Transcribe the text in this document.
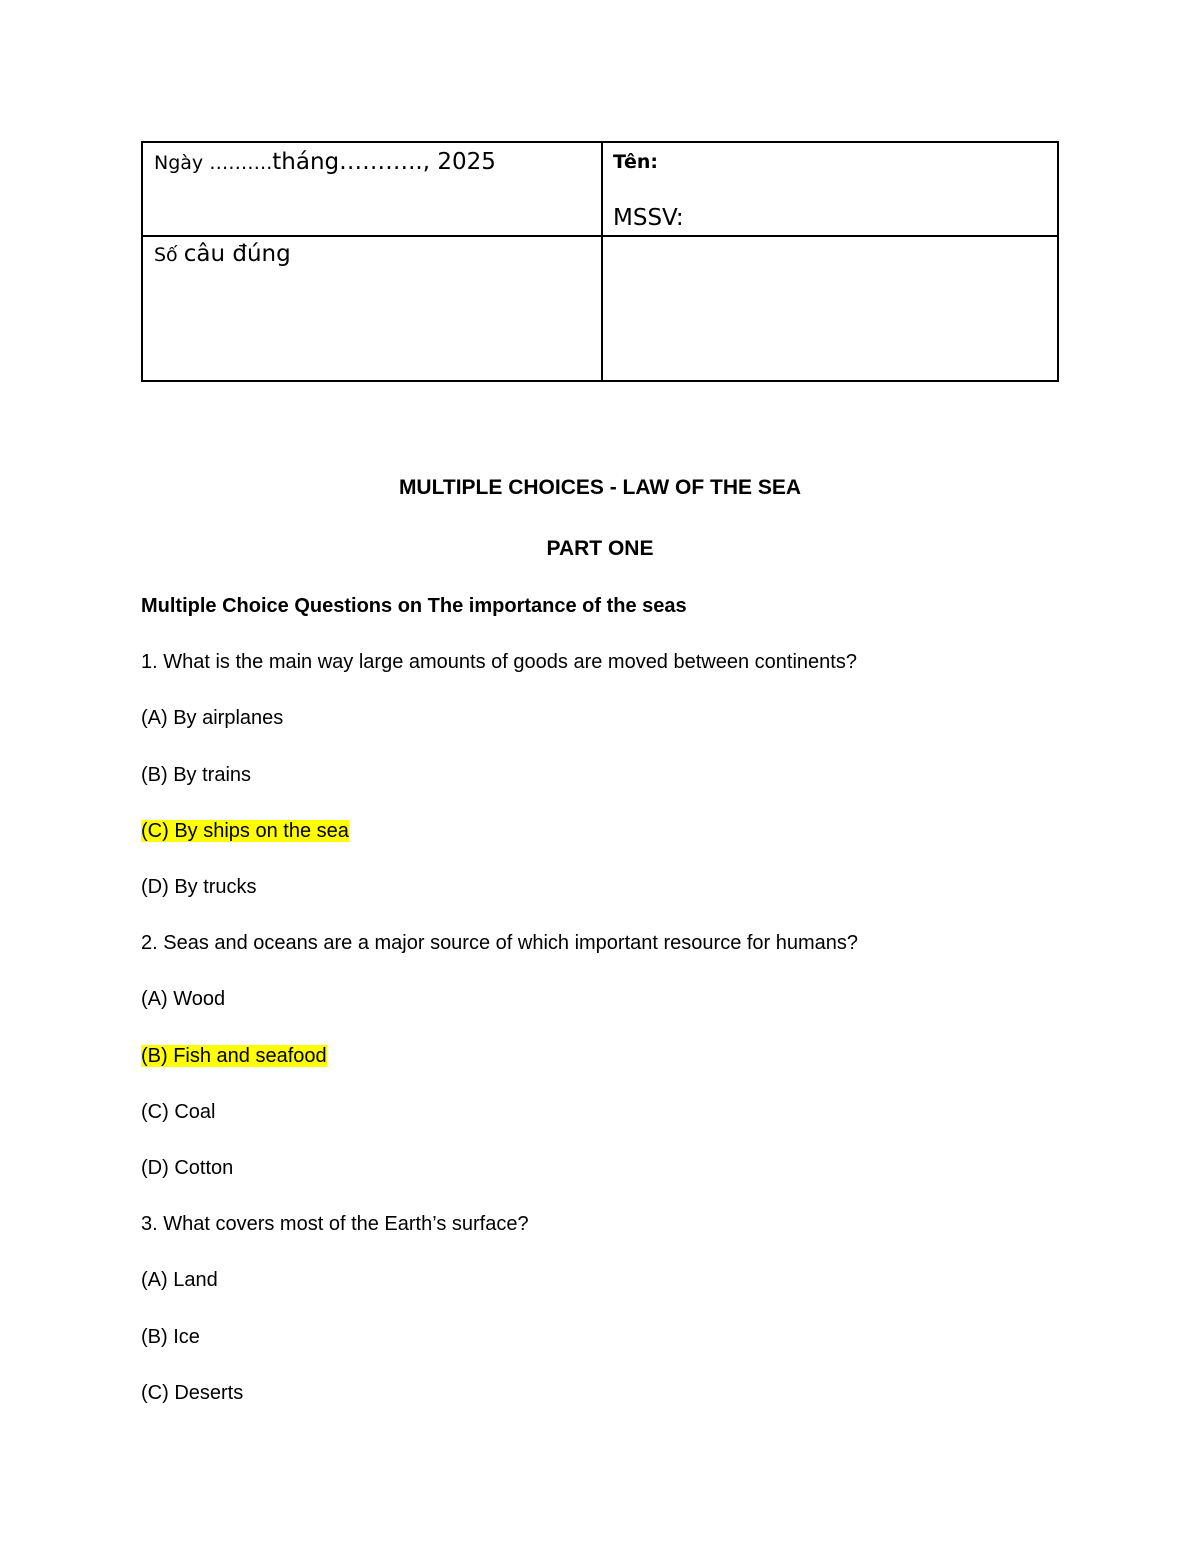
Ngày ……….tháng……….., 2025	Tên:
MSSV:
Số câu đúng
MULTIPLE CHOICES - LAW OF THE SEA
PART ONE
Multiple Choice Questions on The importance of the seas
1. What is the main way large amounts of goods are moved between continents?
(A) By airplanes
(B) By trains
(C) By ships on the sea
(D) By trucks
2. Seas and oceans are a major source of which important resource for humans?
(A) Wood
(B) Fish and seafood
(C) Coal
(D) Cotton
3. What covers most of the Earth’s surface?
(A) Land
(B) Ice
(C) Deserts
